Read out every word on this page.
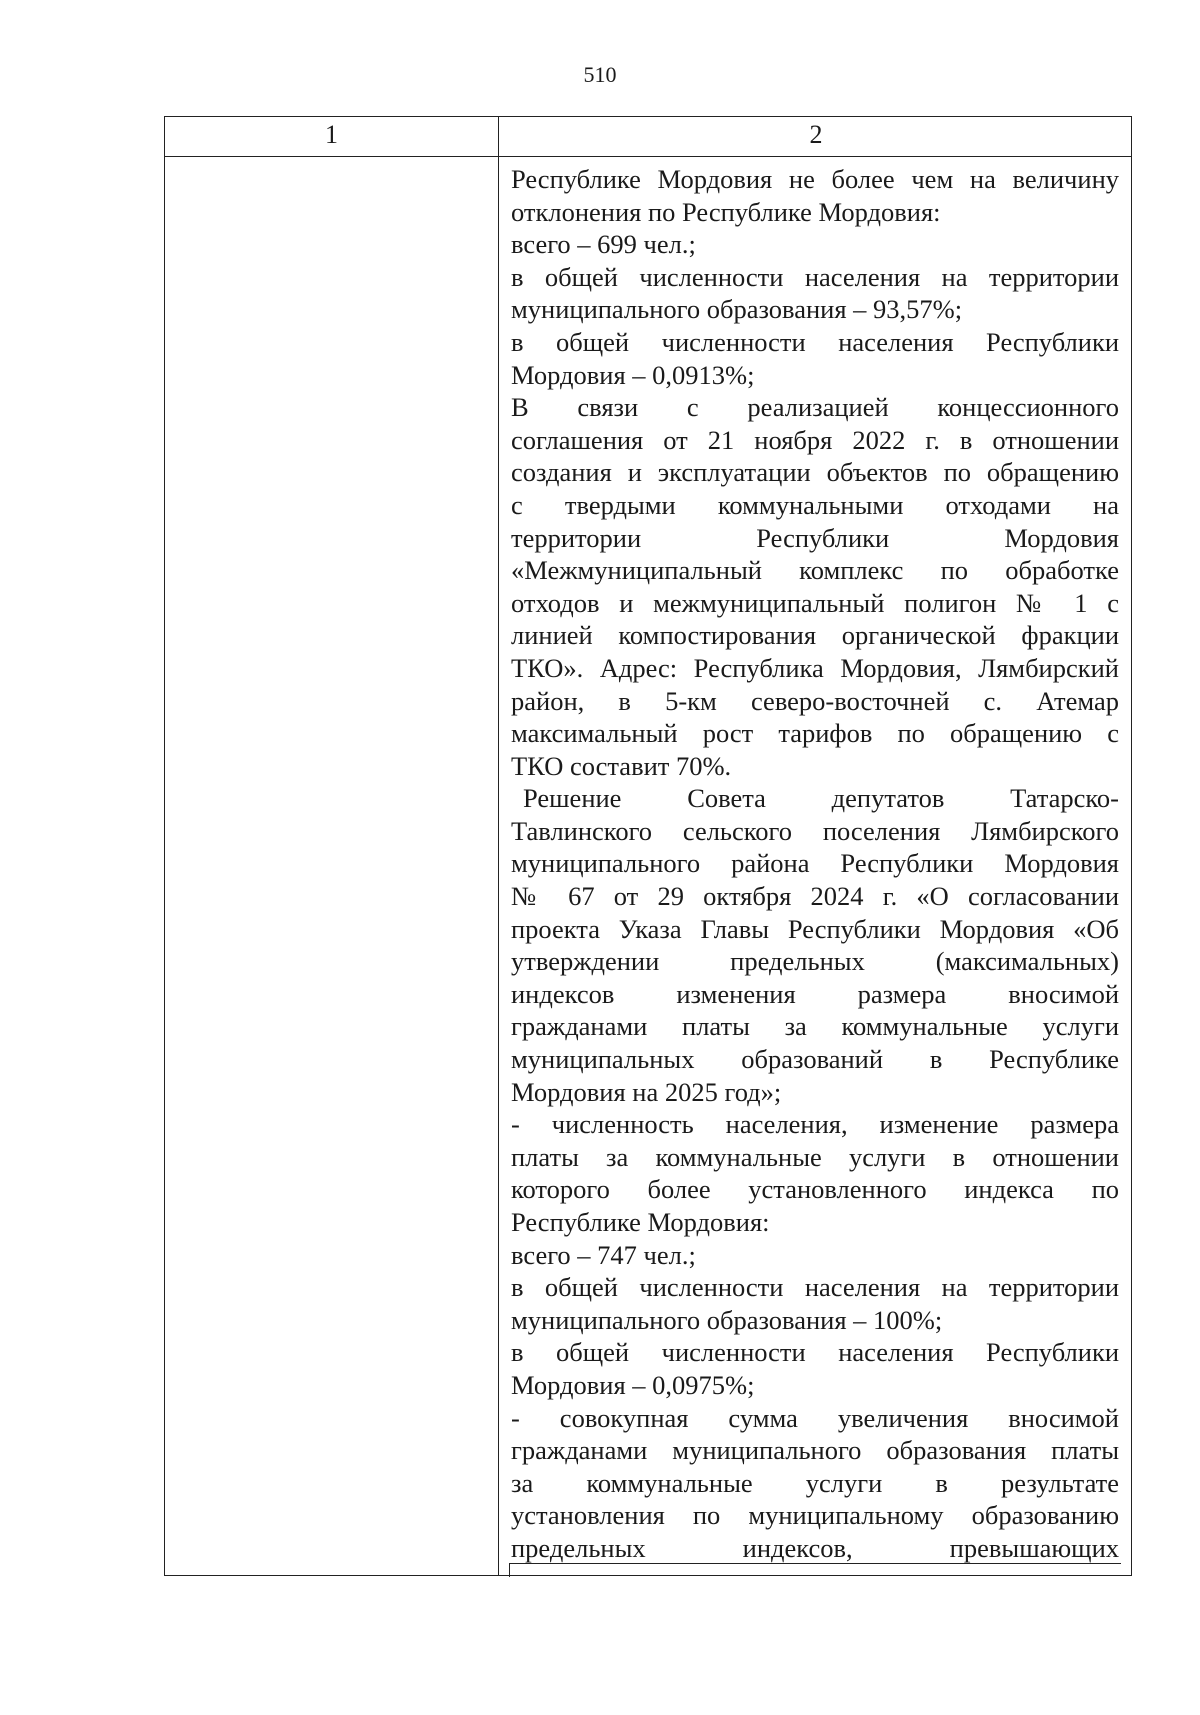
510
1	2
Республике Мордовия не более чем на величину
отклонения по Республике Мордовия:
всего – 699 чел.;
в общей численности населения на территории
муниципального образования – 93,57%;
в общей численности населения Республики
Мордовия – 0,0913%;
В связи с реализацией концессионного
соглашения от 21 ноября 2022 г. в отношении
создания и эксплуатации объектов по обращению
с твердыми коммунальными отходами на
территории Республики Мордовия
«Межмуниципальный комплекс по обработке
отходов и межмуниципальный полигон № 1 с
линией компостирования органической фракции
ТКО». Адрес: Республика Мордовия, Лямбирский
район, в 5-км северо-восточней с. Атемар
максимальный рост тарифов по обращению с
ТКО составит 70%.
Решение Совета депутатов Татарско-
Тавлинского сельского поселения Лямбирского
муниципального района Республики Мордовия
№ 67 от 29 октября 2024 г. «О согласовании
проекта Указа Главы Республики Мордовия «Об
утверждении предельных (максимальных)
индексов изменения размера вносимой
гражданами платы за коммунальные услуги
муниципальных образований в Республике
Мордовия на 2025 год»;
- численность населения, изменение размера
платы за коммунальные услуги в отношении
которого более установленного индекса по
Республике Мордовия:
всего – 747 чел.;
в общей численности населения на территории
муниципального образования – 100%;
в общей численности населения Республики
Мордовия – 0,0975%;
- совокупная сумма увеличения вносимой
гражданами муниципального образования платы
за коммунальные услуги в результате
установления по муниципальному образованию
предельных индексов, превышающих
